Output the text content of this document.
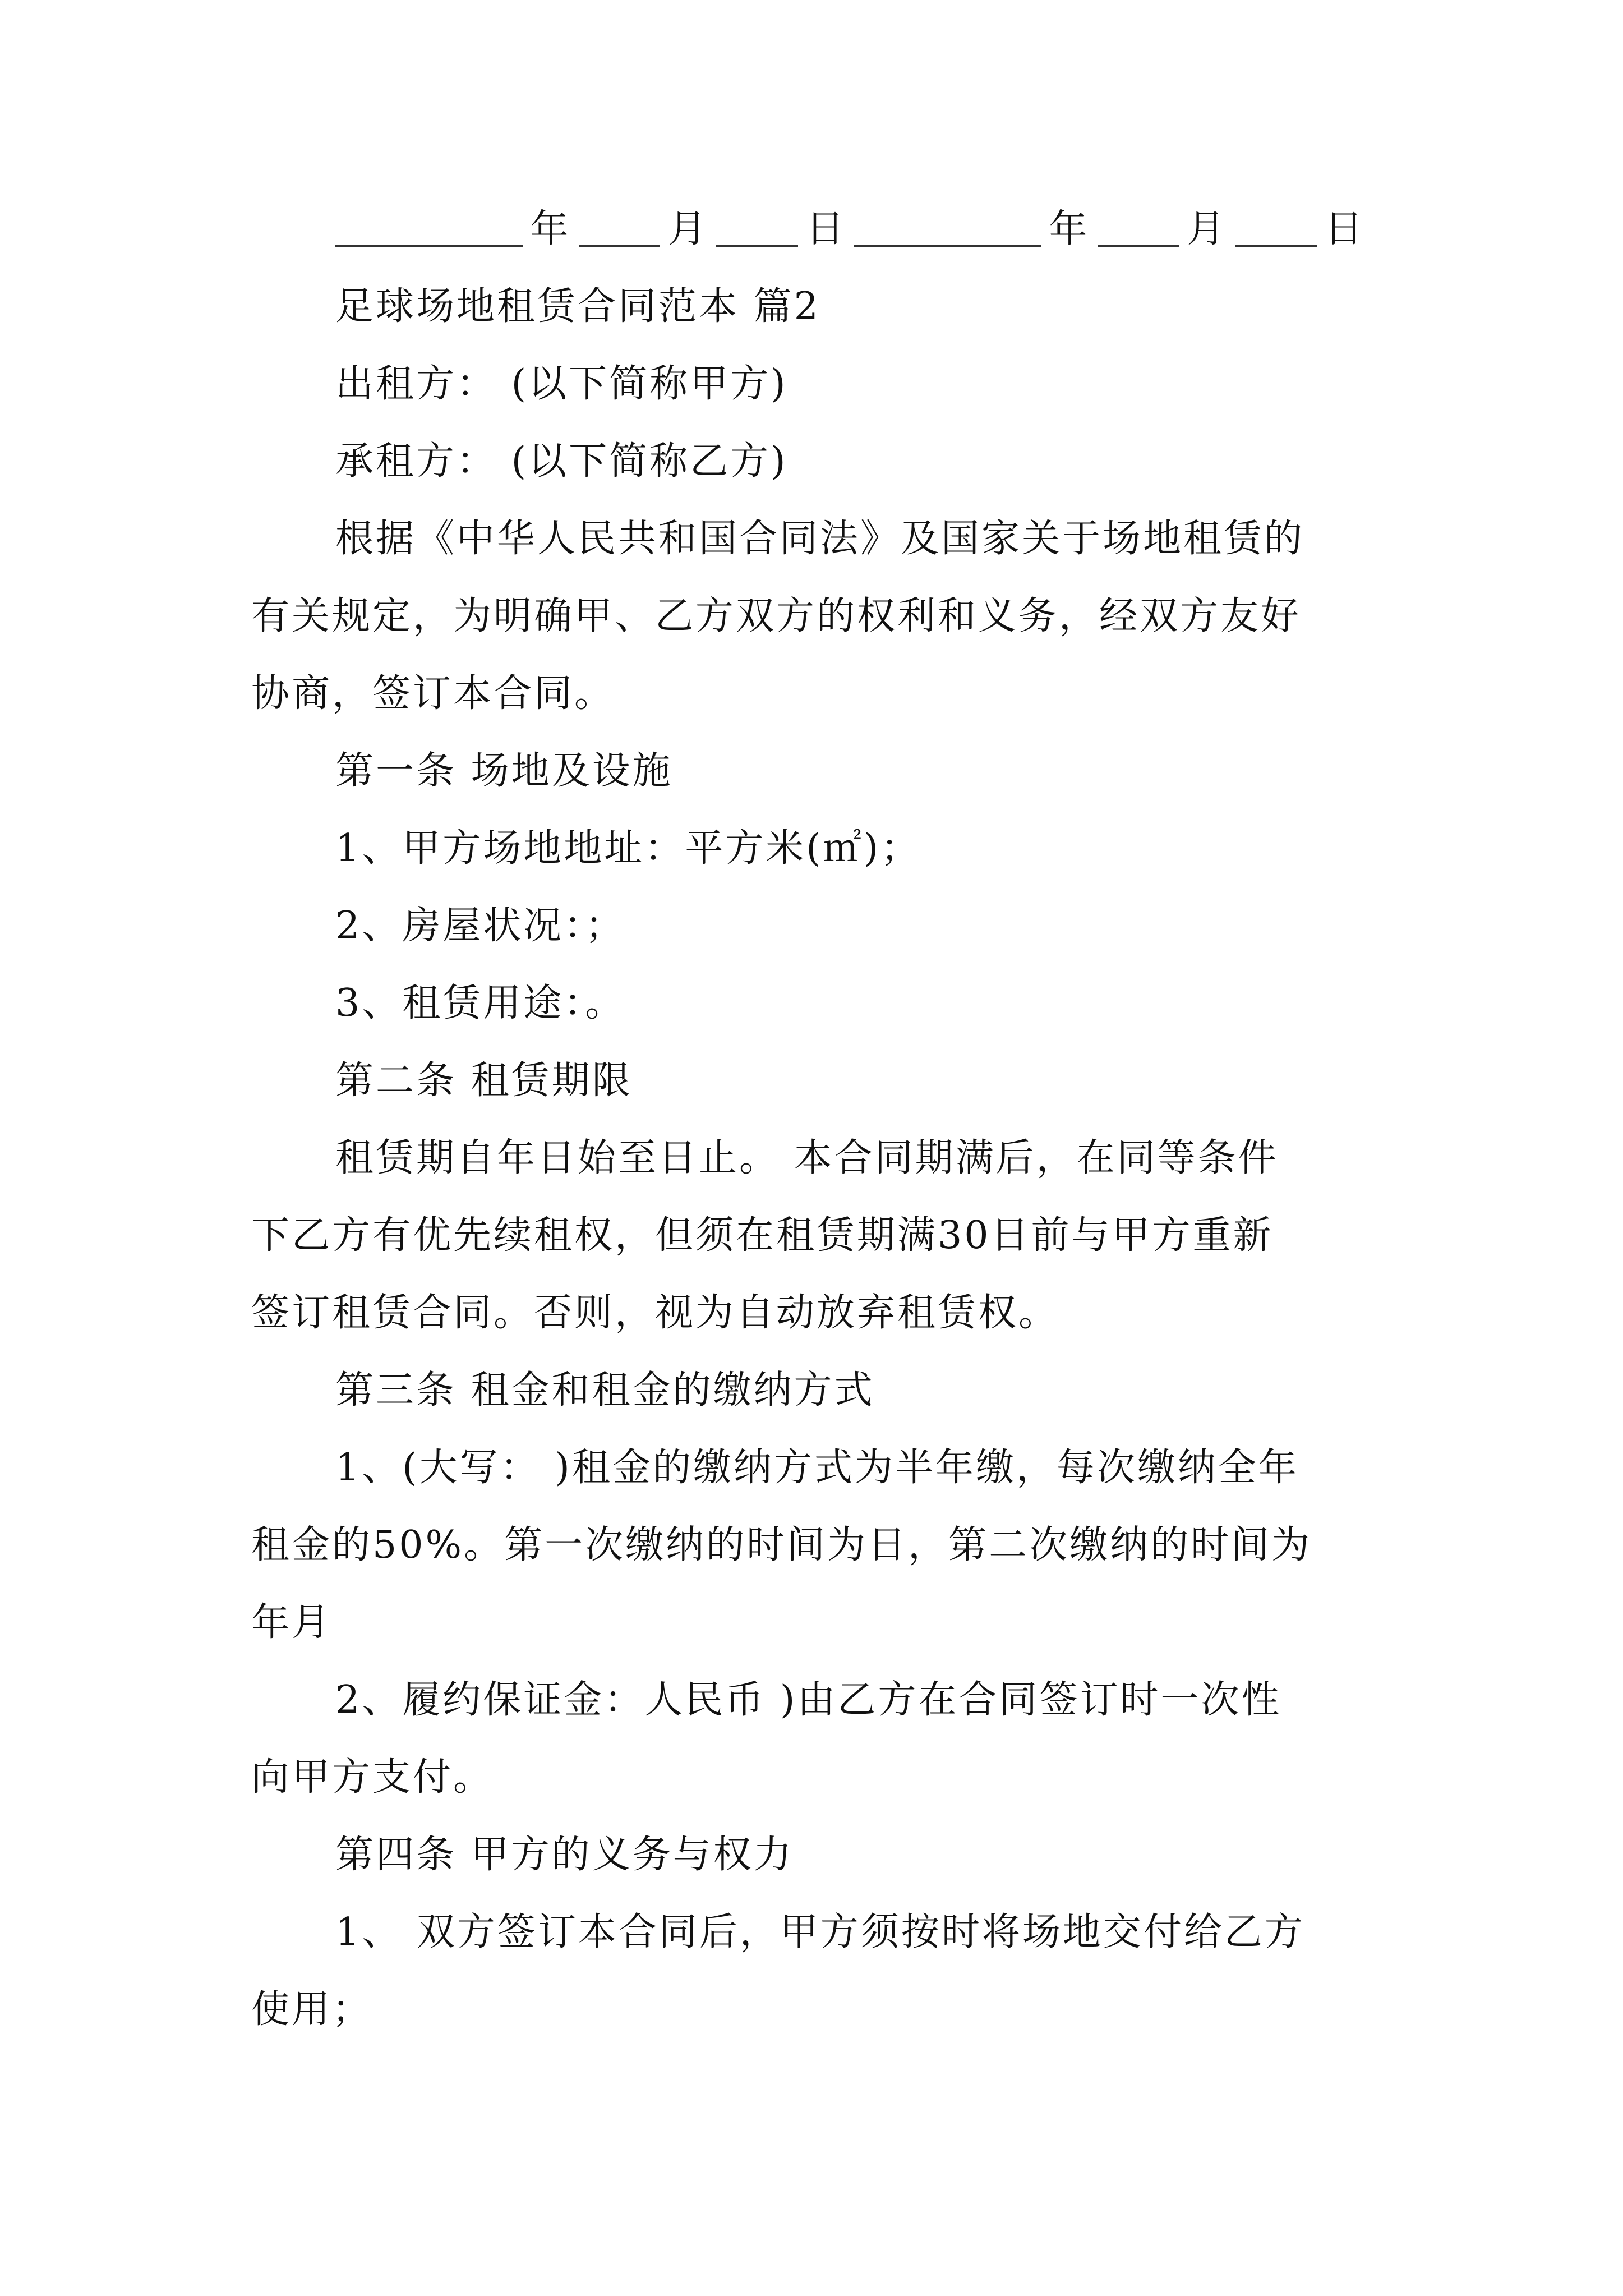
年	月	日	年	月	日
足球场地租赁合同范本 篇2
出租方： (以下简称甲方)
承租方： (以下简称乙方)
根据《中华人民共和国合同法》及国家关于场地租赁的
有关规定，为明确甲、乙方双方的权利和义务，经双方友好
协商，签订本合同。
第一条 场地及设施
1、甲方场地地址：平方米(㎡)；
2、房屋状况：；
3、租赁用途：。
第二条 租赁期限
租赁期自年日始至日止。 本合同期满后，在同等条件
下乙方有优先续租权，但须在租赁期满30日前与甲方重新
签订租赁合同。否则，视为自动放弃租赁权。
第三条 租金和租金的缴纳方式
1、(大写： )租金的缴纳方式为半年缴，每次缴纳全年
租金的50%。第一次缴纳的时间为日，第二次缴纳的时间为
年月
2、履约保证金：人民币 )由乙方在合同签订时一次性
向甲方支付。
第四条 甲方的义务与权力
1、 双方签订本合同后，甲方须按时将场地交付给乙方
使用；
